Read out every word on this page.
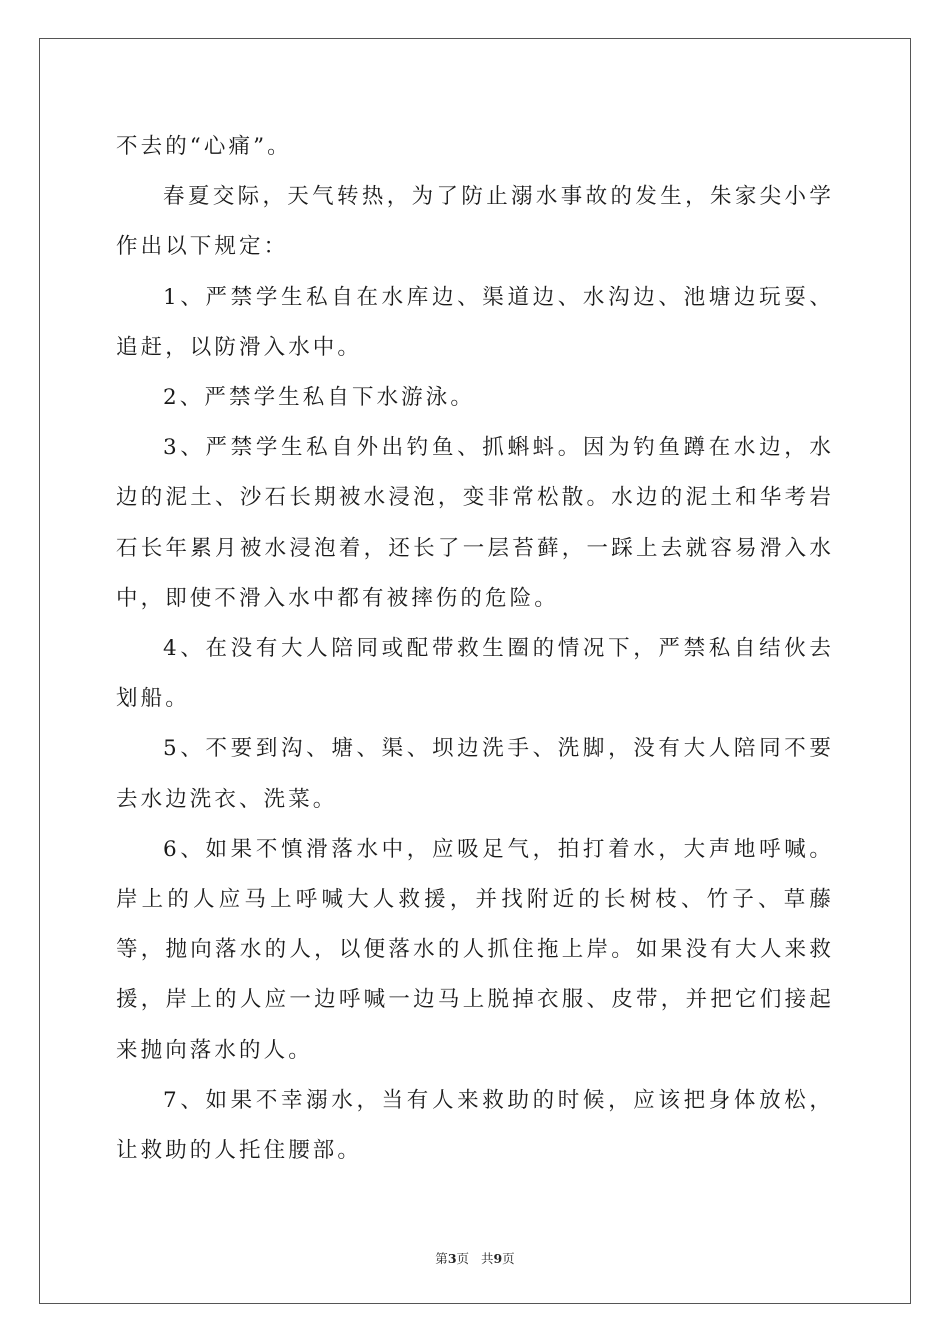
不去的“心痛”。

春夏交际，天气转热，为了防止溺水事故的发生，朱家尖小学作出以下规定：

1、严禁学生私自在水库边、渠道边、水沟边、池塘边玩耍、追赶，以防滑入水中。

2、严禁学生私自下水游泳。

3、严禁学生私自外出钓鱼、抓蝌蚪。因为钓鱼蹲在水边，水边的泥土、沙石长期被水浸泡，变非常松散。水边的泥土和华考岩石长年累月被水浸泡着，还长了一层苔藓，一踩上去就容易滑入水中，即使不滑入水中都有被摔伤的危险。

4、在没有大人陪同或配带救生圈的情况下，严禁私自结伙去划船。

5、不要到沟、塘、渠、坝边洗手、洗脚，没有大人陪同不要去水边洗衣、洗菜。

6、如果不慎滑落水中，应吸足气，拍打着水，大声地呼喊。岸上的人应马上呼喊大人救援，并找附近的长树枝、竹子、草藤等，抛向落水的人，以便落水的人抓住拖上岸。如果没有大人来救援，岸上的人应一边呼喊一边马上脱掉衣服、皮带，并把它们接起来抛向落水的人。

7、如果不幸溺水，当有人来救助的时候，应该把身体放松，让救助的人托住腰部。

第3页 共9页
